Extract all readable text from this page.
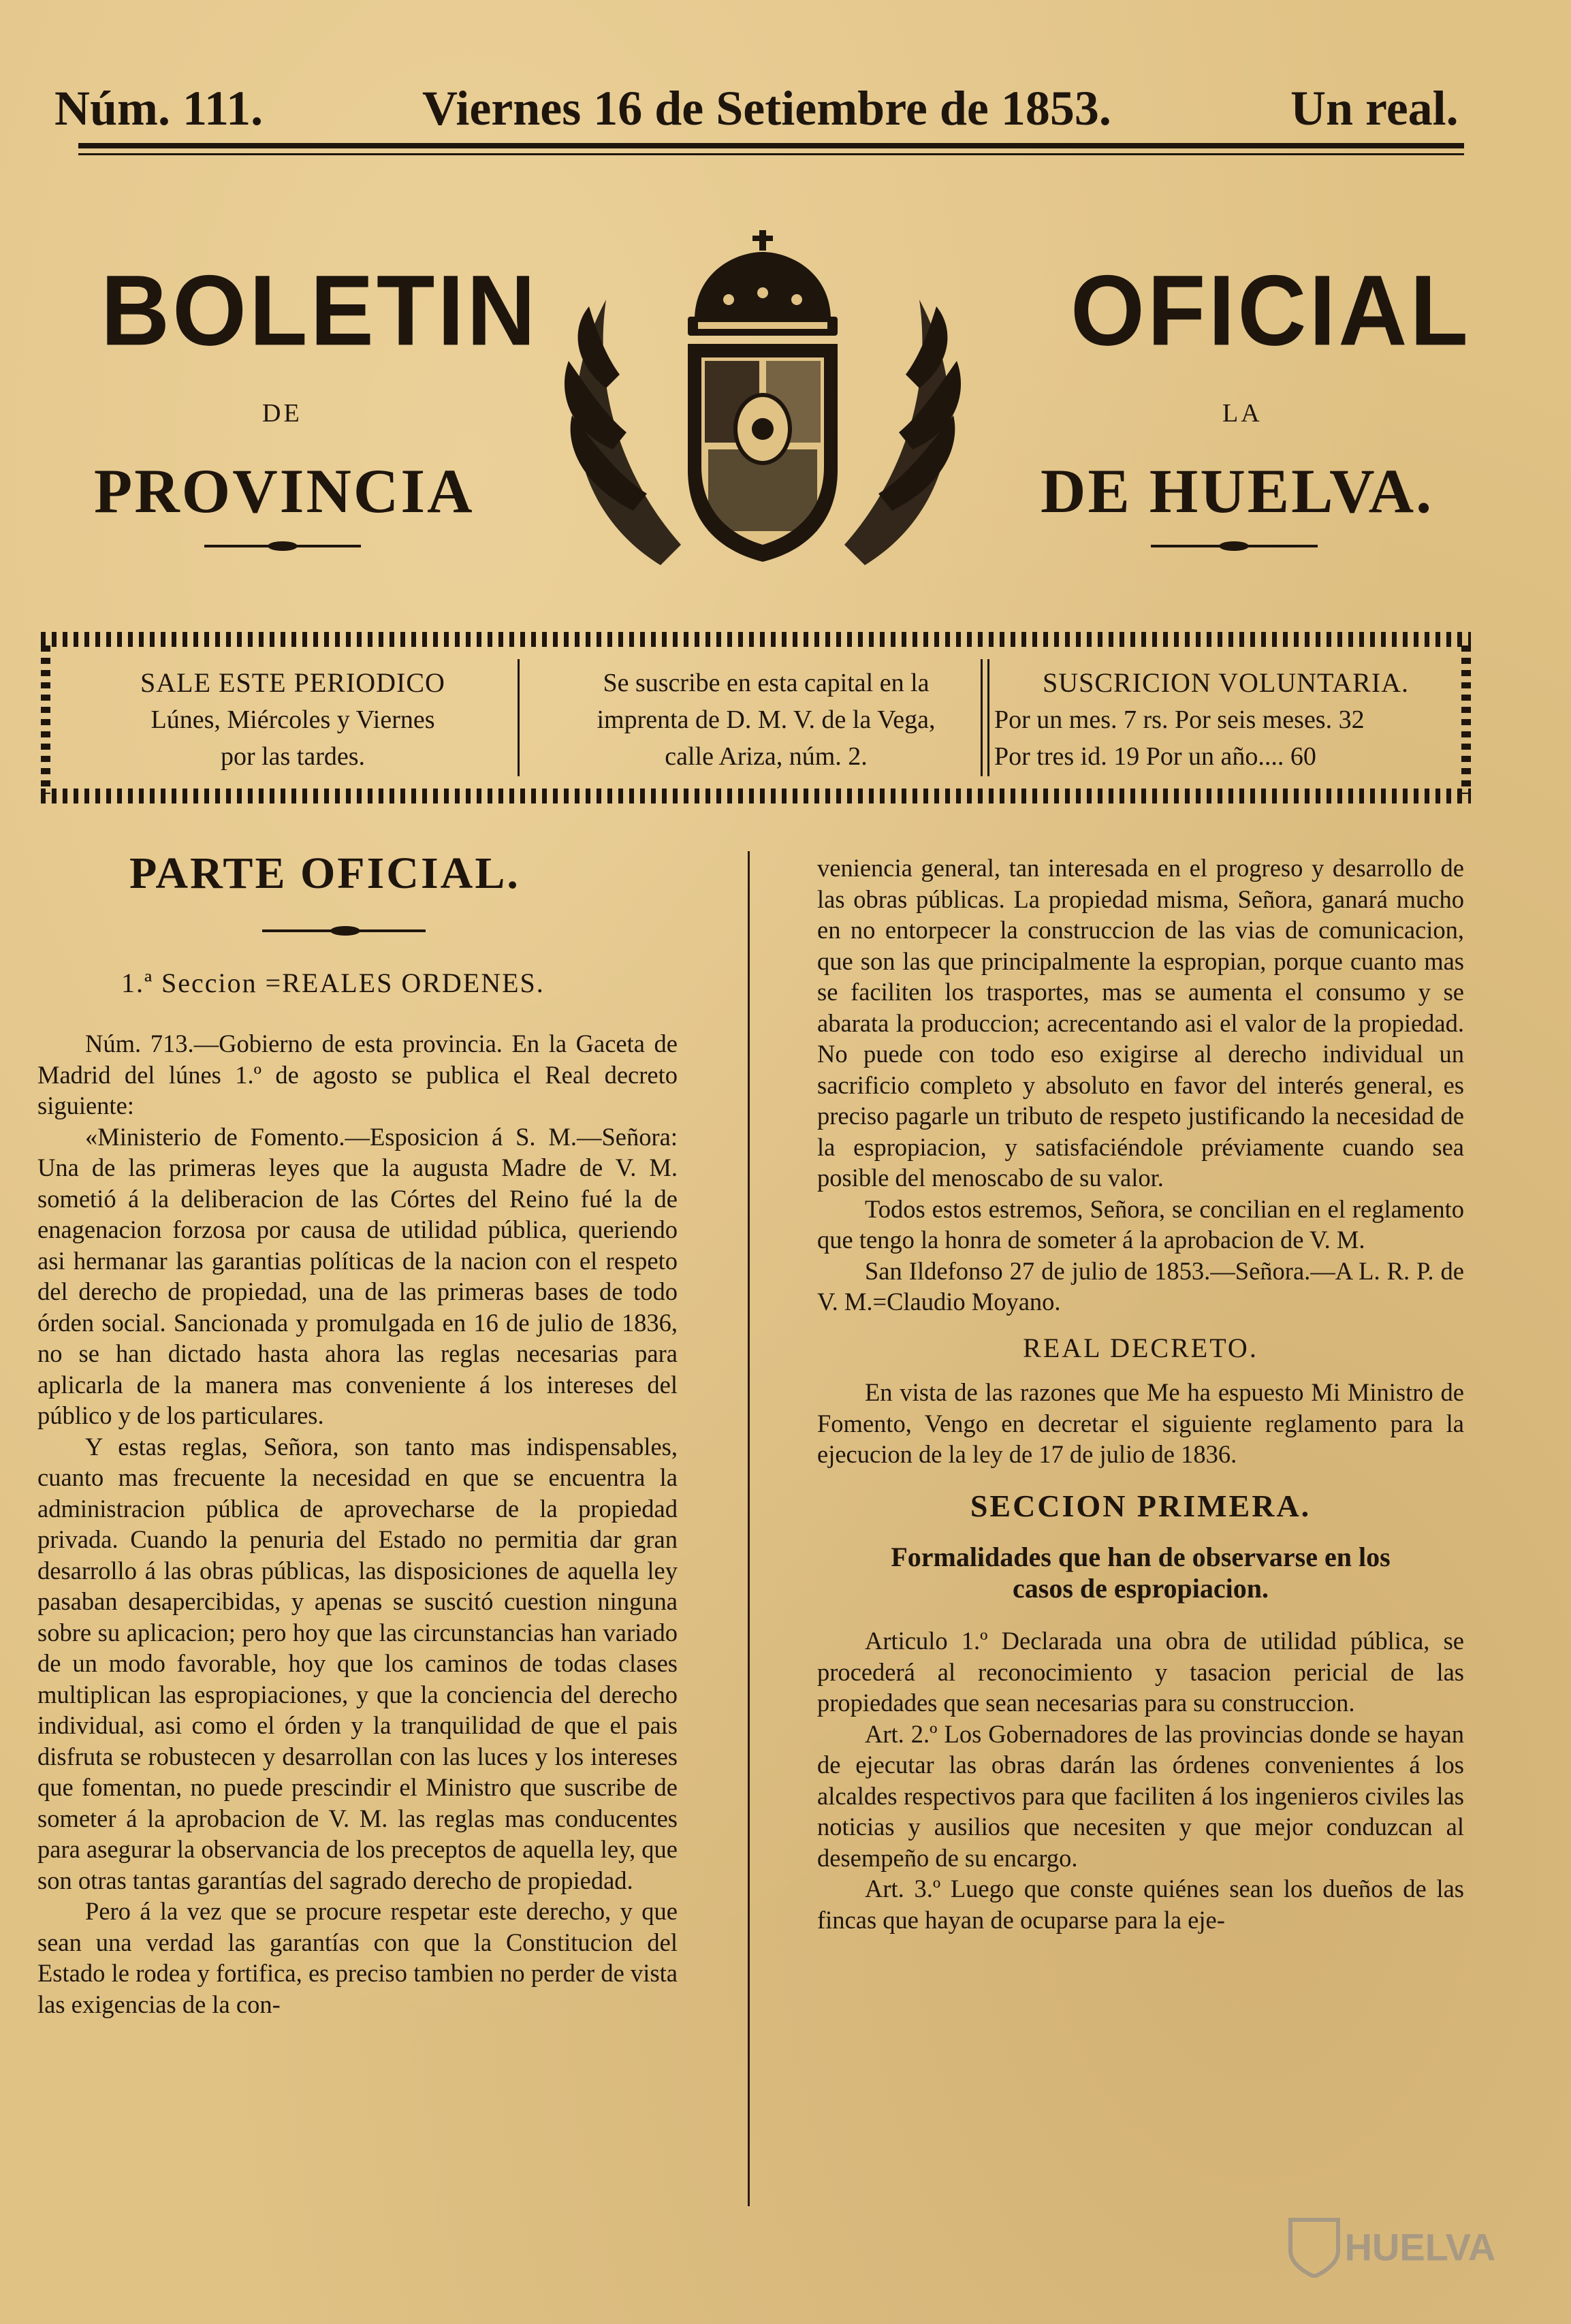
Núm. 111.	Viernes 16 de Setiembre de 1853.	Un real.
BOLETIN	OFICIAL
DE	LA
PROVINCIA	DE HUELVA.
SALE ESTE PERIODICO
Lúnes, Miércoles y Viernes
por las tardes.
Se suscribe en esta capital en la
imprenta de D. M. V. de la Vega,
calle Ariza, núm. 2.
SUSCRICION VOLUNTARIA.
Por un mes. 7 rs. Por seis meses. 32
Por tres id. 19 Por un año.... 60
PARTE OFICIAL.
1.ª Seccion =REALES ORDENES.

Núm. 713.—Gobierno de esta provincia. En la Gaceta de Madrid del lúnes 1.º de agosto se publica el Real decreto siguiente:

«Ministerio de Fomento.—Esposicion á S. M.—Señora: Una de las primeras leyes que la augusta Madre de V. M. sometió á la deliberacion de las Córtes del Reino fué la de enagenacion forzosa por causa de utilidad pública, queriendo asi hermanar las garantias políticas de la nacion con el respeto del derecho de propiedad, una de las primeras bases de todo órden social. Sancionada y promulgada en 16 de julio de 1836, no se han dictado hasta ahora las reglas necesarias para aplicarla de la manera mas conveniente á los intereses del público y de los particulares.

Y estas reglas, Señora, son tanto mas indispensables, cuanto mas frecuente la necesidad en que se encuentra la administracion pública de aprovecharse de la propiedad privada. Cuando la penuria del Estado no permitia dar gran desarrollo á las obras públicas, las disposiciones de aquella ley pasaban desapercibidas, y apenas se suscitó cuestion ninguna sobre su aplicacion; pero hoy que las circunstancias han variado de un modo favorable, hoy que los caminos de todas clases multiplican las espropiaciones, y que la conciencia del derecho individual, asi como el órden y la tranquilidad de que el pais disfruta se robustecen y desarrollan con las luces y los intereses que fomentan, no puede prescindir el Ministro que suscribe de someter á la aprobacion de V. M. las reglas mas conducentes para asegurar la observancia de los preceptos de aquella ley, que son otras tantas garantías del sagrado derecho de propiedad.

Pero á la vez que se procure respetar este derecho, y que sean una verdad las garantías con que la Constitucion del Estado le rodea y fortifica, es preciso tambien no perder de vista las exigencias de la con-

veniencia general, tan interesada en el progreso y desarrollo de las obras públicas. La propiedad misma, Señora, ganará mucho en no entorpecer la construccion de las vias de comunicacion, que son las que principalmente la espropian, porque cuanto mas se faciliten los trasportes, mas se aumenta el consumo y se abarata la produccion; acrecentando asi el valor de la propiedad. No puede con todo eso exigirse al derecho individual un sacrificio completo y absoluto en favor del interés general, es preciso pagarle un tributo de respeto justificando la necesidad de la espropiacion, y satisfaciéndole préviamente cuando sea posible del menoscabo de su valor.

Todos estos estremos, Señora, se concilian en el reglamento que tengo la honra de someter á la aprobacion de V. M.

San Ildefonso 27 de julio de 1853.—Señora.—A L. R. P. de V. M.=Claudio Moyano.

REAL DECRETO.

En vista de las razones que Me ha espuesto Mi Ministro de Fomento, Vengo en decretar el siguiente reglamento para la ejecucion de la ley de 17 de julio de 1836.

SECCION PRIMERA.

Formalidades que han de observarse en los

casos de espropiacion.

Articulo 1.º Declarada una obra de utilidad pública, se procederá al reconocimiento y tasacion pericial de las propiedades que sean necesarias para su construccion.

Art. 2.º Los Gobernadores de las provincias donde se hayan de ejecutar las obras darán las órdenes convenientes á los alcaldes respectivos para que faciliten á los ingenieros civiles las noticias y ausilios que necesiten y que mejor conduzcan al desempeño de su encargo.

Art. 3.º Luego que conste quiénes sean los dueños de las fincas que hayan de ocuparse para la eje-

HUELVA
